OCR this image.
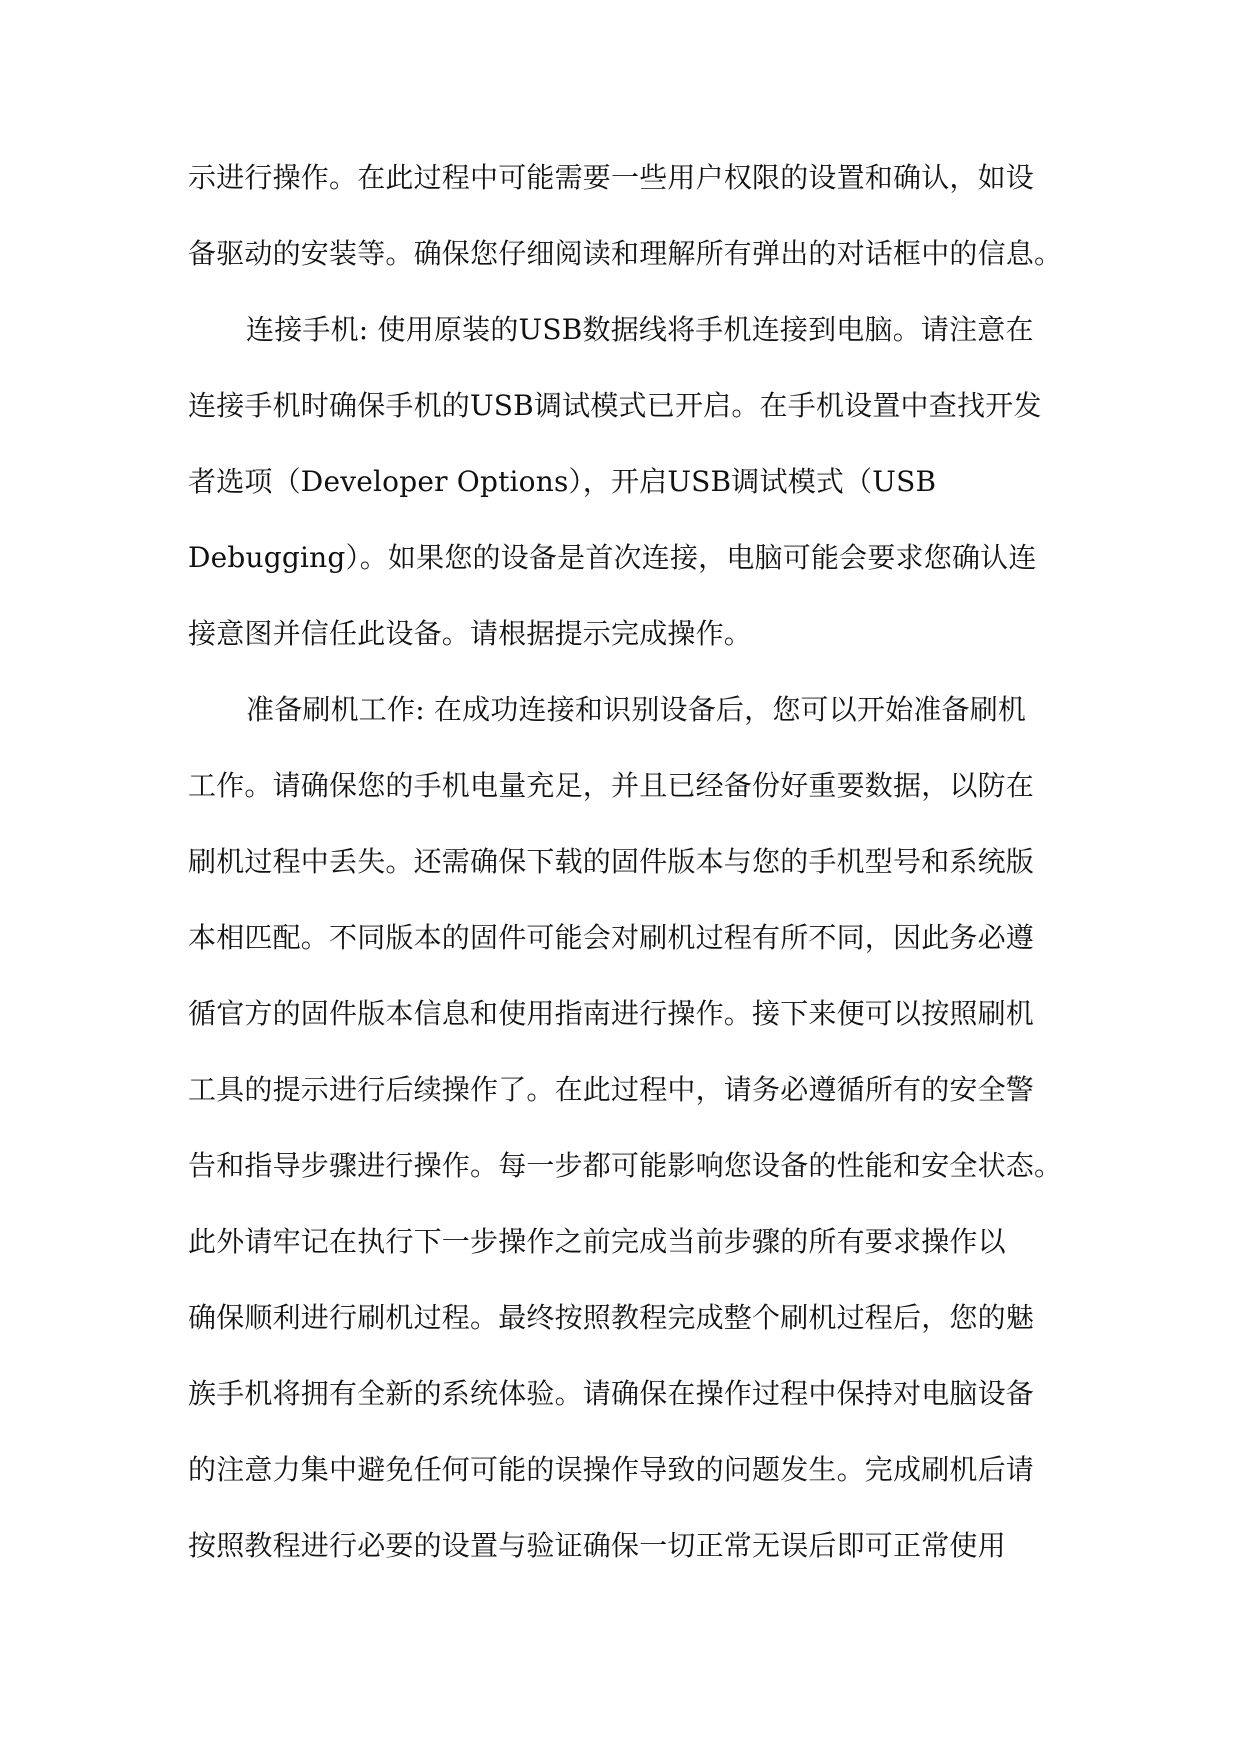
示进行操作。在此过程中可能需要一些用户权限的设置和确认，如设
备驱动的安装等。确保您仔细阅读和理解所有弹出的对话框中的信息。
连接手机: 使用原装的USB数据线将手机连接到电脑。请注意在
连接手机时确保手机的USB调试模式已开启。在手机设置中查找开发
者选项（Developer Options），开启USB调试模式（USB
Debugging）。如果您的设备是首次连接，电脑可能会要求您确认连
接意图并信任此设备。请根据提示完成操作。
准备刷机工作: 在成功连接和识别设备后，您可以开始准备刷机
工作。请确保您的手机电量充足，并且已经备份好重要数据，以防在
刷机过程中丢失。还需确保下载的固件版本与您的手机型号和系统版
本相匹配。不同版本的固件可能会对刷机过程有所不同，因此务必遵
循官方的固件版本信息和使用指南进行操作。接下来便可以按照刷机
工具的提示进行后续操作了。在此过程中，请务必遵循所有的安全警
告和指导步骤进行操作。每一步都可能影响您设备的性能和安全状态。
此外请牢记在执行下一步操作之前完成当前步骤的所有要求操作以
确保顺利进行刷机过程。最终按照教程完成整个刷机过程后，您的魅
族手机将拥有全新的系统体验。请确保在操作过程中保持对电脑设备
的注意力集中避免任何可能的误操作导致的问题发生。完成刷机后请
按照教程进行必要的设置与验证确保一切正常无误后即可正常使用
